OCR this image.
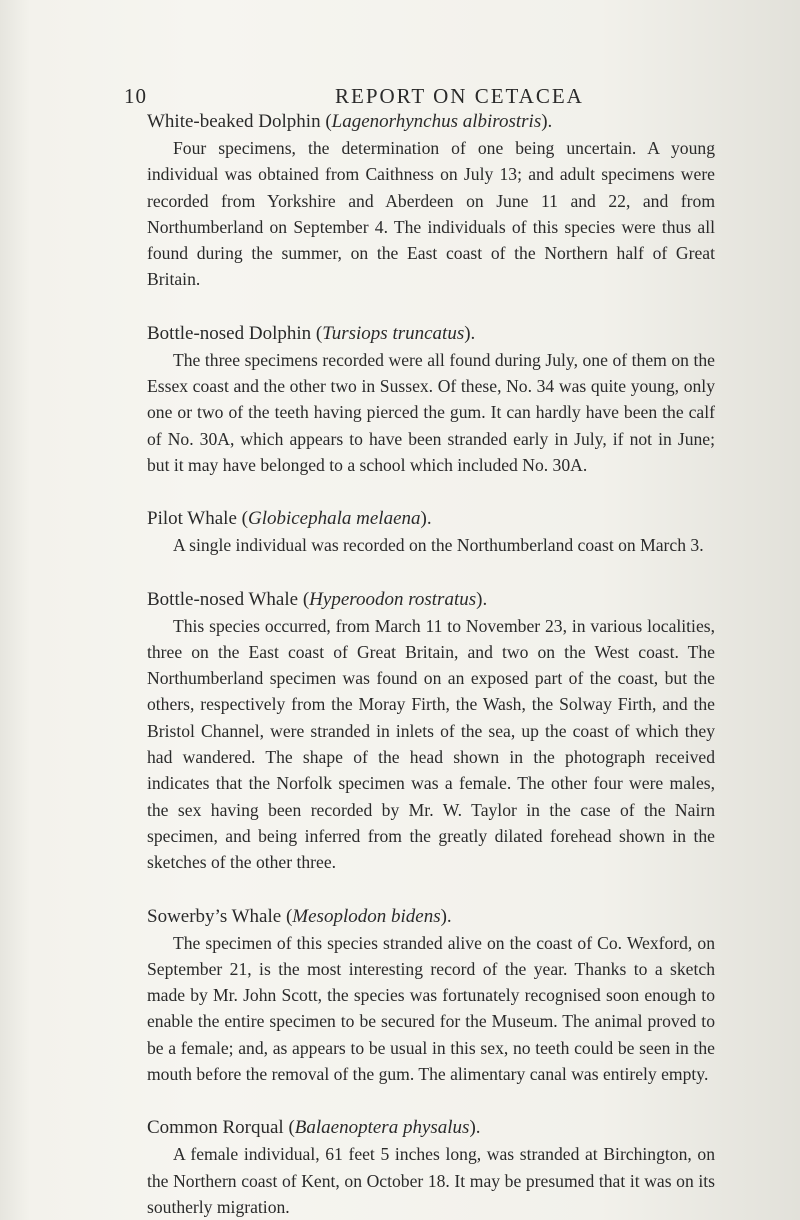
10	REPORT ON CETACEA

White-beaked Dolphin (Lagenorhynchus albirostris).

Four specimens, the determination of one being uncertain. A young individual was obtained from Caithness on July 13; and adult specimens were recorded from Yorkshire and Aberdeen on June 11 and 22, and from Northumberland on September 4. The individuals of this species were thus all found during the summer, on the East coast of the Northern half of Great Britain.

Bottle-nosed Dolphin (Tursiops truncatus).

The three specimens recorded were all found during July, one of them on the Essex coast and the other two in Sussex. Of these, No. 34 was quite young, only one or two of the teeth having pierced the gum. It can hardly have been the calf of No. 30A, which appears to have been stranded early in July, if not in June; but it may have belonged to a school which included No. 30A.

Pilot Whale (Globicephala melaena).

A single individual was recorded on the Northumberland coast on March 3.

Bottle-nosed Whale (Hyperoodon rostratus).

This species occurred, from March 11 to November 23, in various localities, three on the East coast of Great Britain, and two on the West coast. The Northumberland specimen was found on an exposed part of the coast, but the others, respectively from the Moray Firth, the Wash, the Solway Firth, and the Bristol Channel, were stranded in inlets of the sea, up the coast of which they had wandered. The shape of the head shown in the photograph received indicates that the Norfolk specimen was a female. The other four were males, the sex having been recorded by Mr. W. Taylor in the case of the Nairn specimen, and being inferred from the greatly dilated forehead shown in the sketches of the other three.

Sowerby’s Whale (Mesoplodon bidens).

The specimen of this species stranded alive on the coast of Co. Wexford, on September 21, is the most interesting record of the year. Thanks to a sketch made by Mr. John Scott, the species was fortunately recognised soon enough to enable the entire specimen to be secured for the Museum. The animal proved to be a female; and, as appears to be usual in this sex, no teeth could be seen in the mouth before the removal of the gum. The alimentary canal was entirely empty.

Common Rorqual (Balaenoptera physalus).

A female individual, 61 feet 5 inches long, was stranded at Birchington, on the Northern coast of Kent, on October 18. It may be presumed that it was on its southerly migration.
